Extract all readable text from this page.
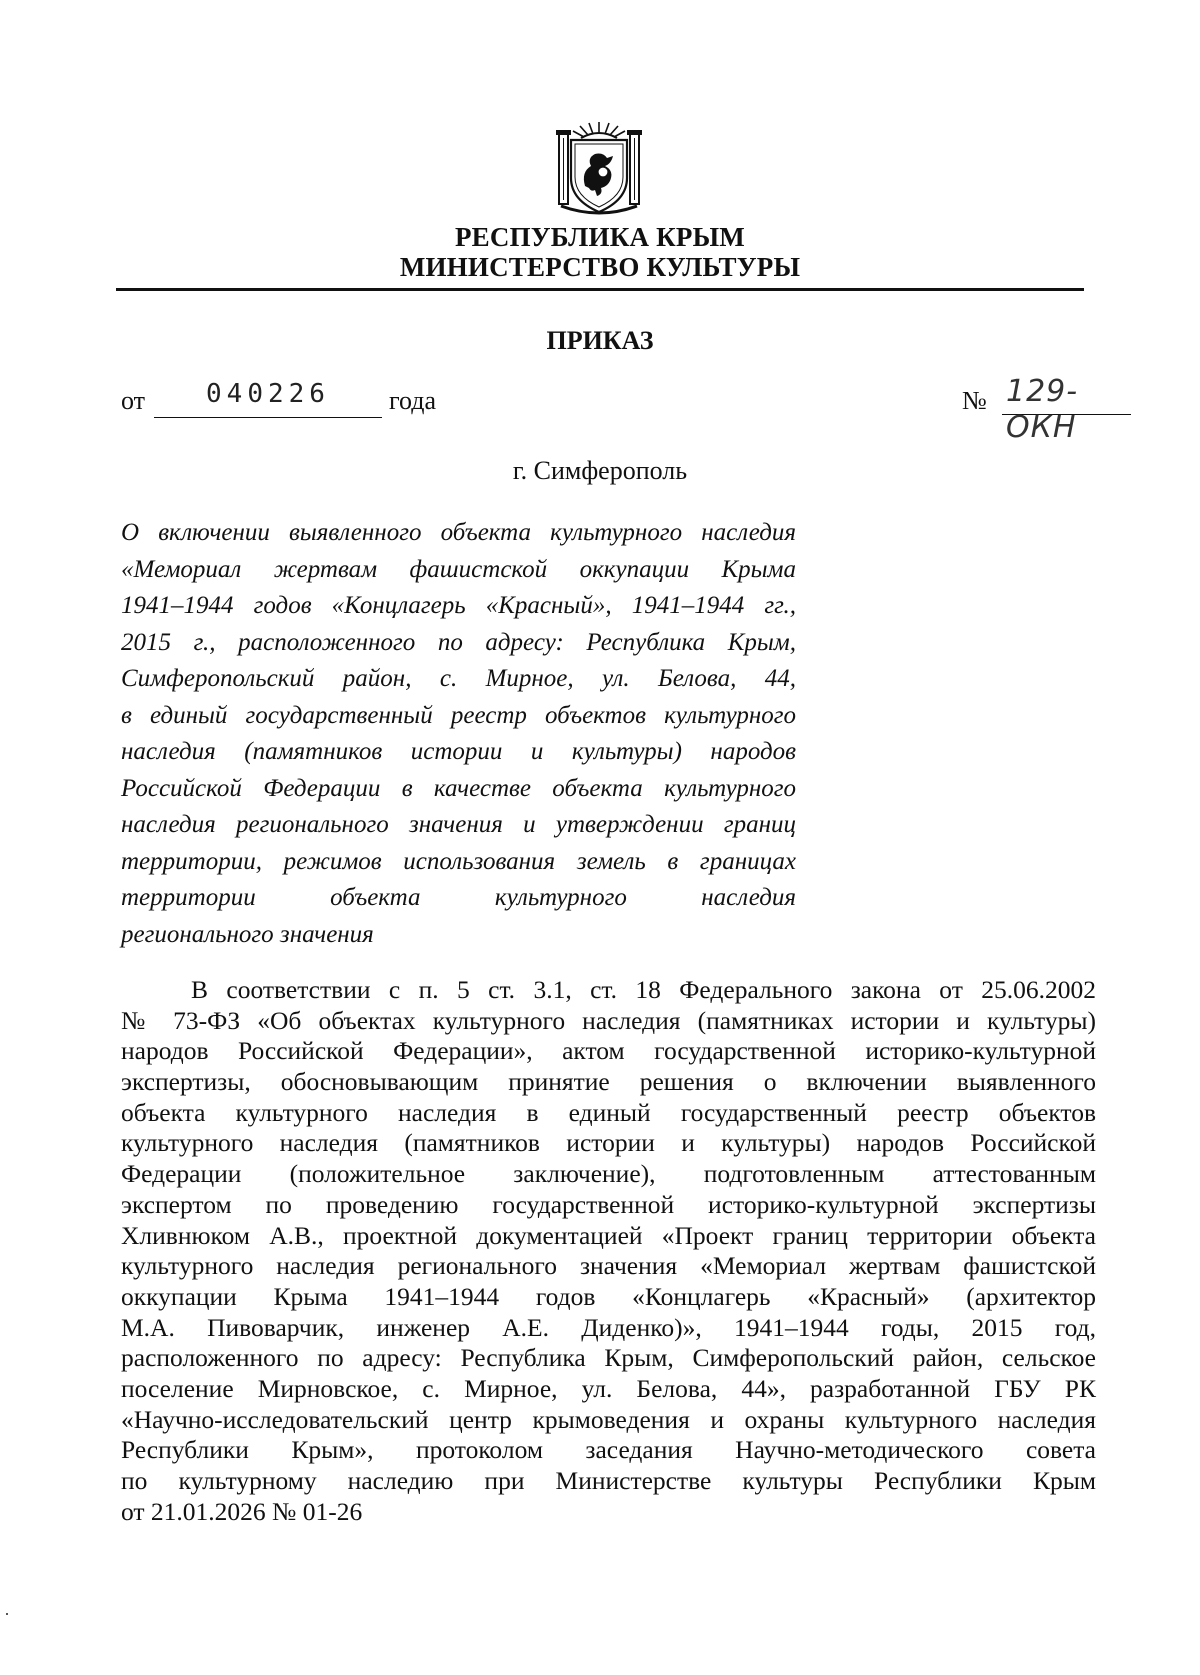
РЕСПУБЛИКА КРЫМ
МИНИСТЕРСТВО КУЛЬТУРЫ
ПРИКАЗ
от	040226	года	№ 129-ОКН
г. Симферополь
О включении выявленного объекта культурного наследия
«Мемориал жертвам фашистской оккупации Крыма
1941–1944 годов «Концлагерь «Красный», 1941–1944 гг.,
2015 г., расположенного по адресу: Республика Крым,
Симферопольский район, с. Мирное, ул. Белова, 44,
в единый государственный реестр объектов культурного
наследия (памятников истории и культуры) народов
Российской Федерации в качестве объекта культурного
наследия регионального значения и утверждении границ
территории, режимов использования земель в границах
территории объекта культурного наследия
регионального значения
В соответствии с п. 5 ст. 3.1, ст. 18 Федерального закона от 25.06.2002
№ 73-ФЗ «Об объектах культурного наследия (памятниках истории и культуры)
народов Российской Федерации», актом государственной историко-культурной
экспертизы, обосновывающим принятие решения о включении выявленного
объекта культурного наследия в единый государственный реестр объектов
культурного наследия (памятников истории и культуры) народов Российской
Федерации (положительное заключение), подготовленным аттестованным
экспертом по проведению государственной историко-культурной экспертизы
Хливнюком А.В., проектной документацией «Проект границ территории объекта
культурного наследия регионального значения «Мемориал жертвам фашистской
оккупации Крыма 1941–1944 годов «Концлагерь «Красный» (архитектор
М.А. Пивоварчик, инженер А.Е. Диденко)», 1941–1944 годы, 2015 год,
расположенного по адресу: Республика Крым, Симферопольский район, сельское
поселение Мирновское, с. Мирное, ул. Белова, 44», разработанной ГБУ РК
«Научно-исследовательский центр крымоведения и охраны культурного наследия
Республики Крым», протоколом заседания Научно-методического совета
по культурному наследию при Министерстве культуры Республики Крым
от 21.01.2026 № 01-26
